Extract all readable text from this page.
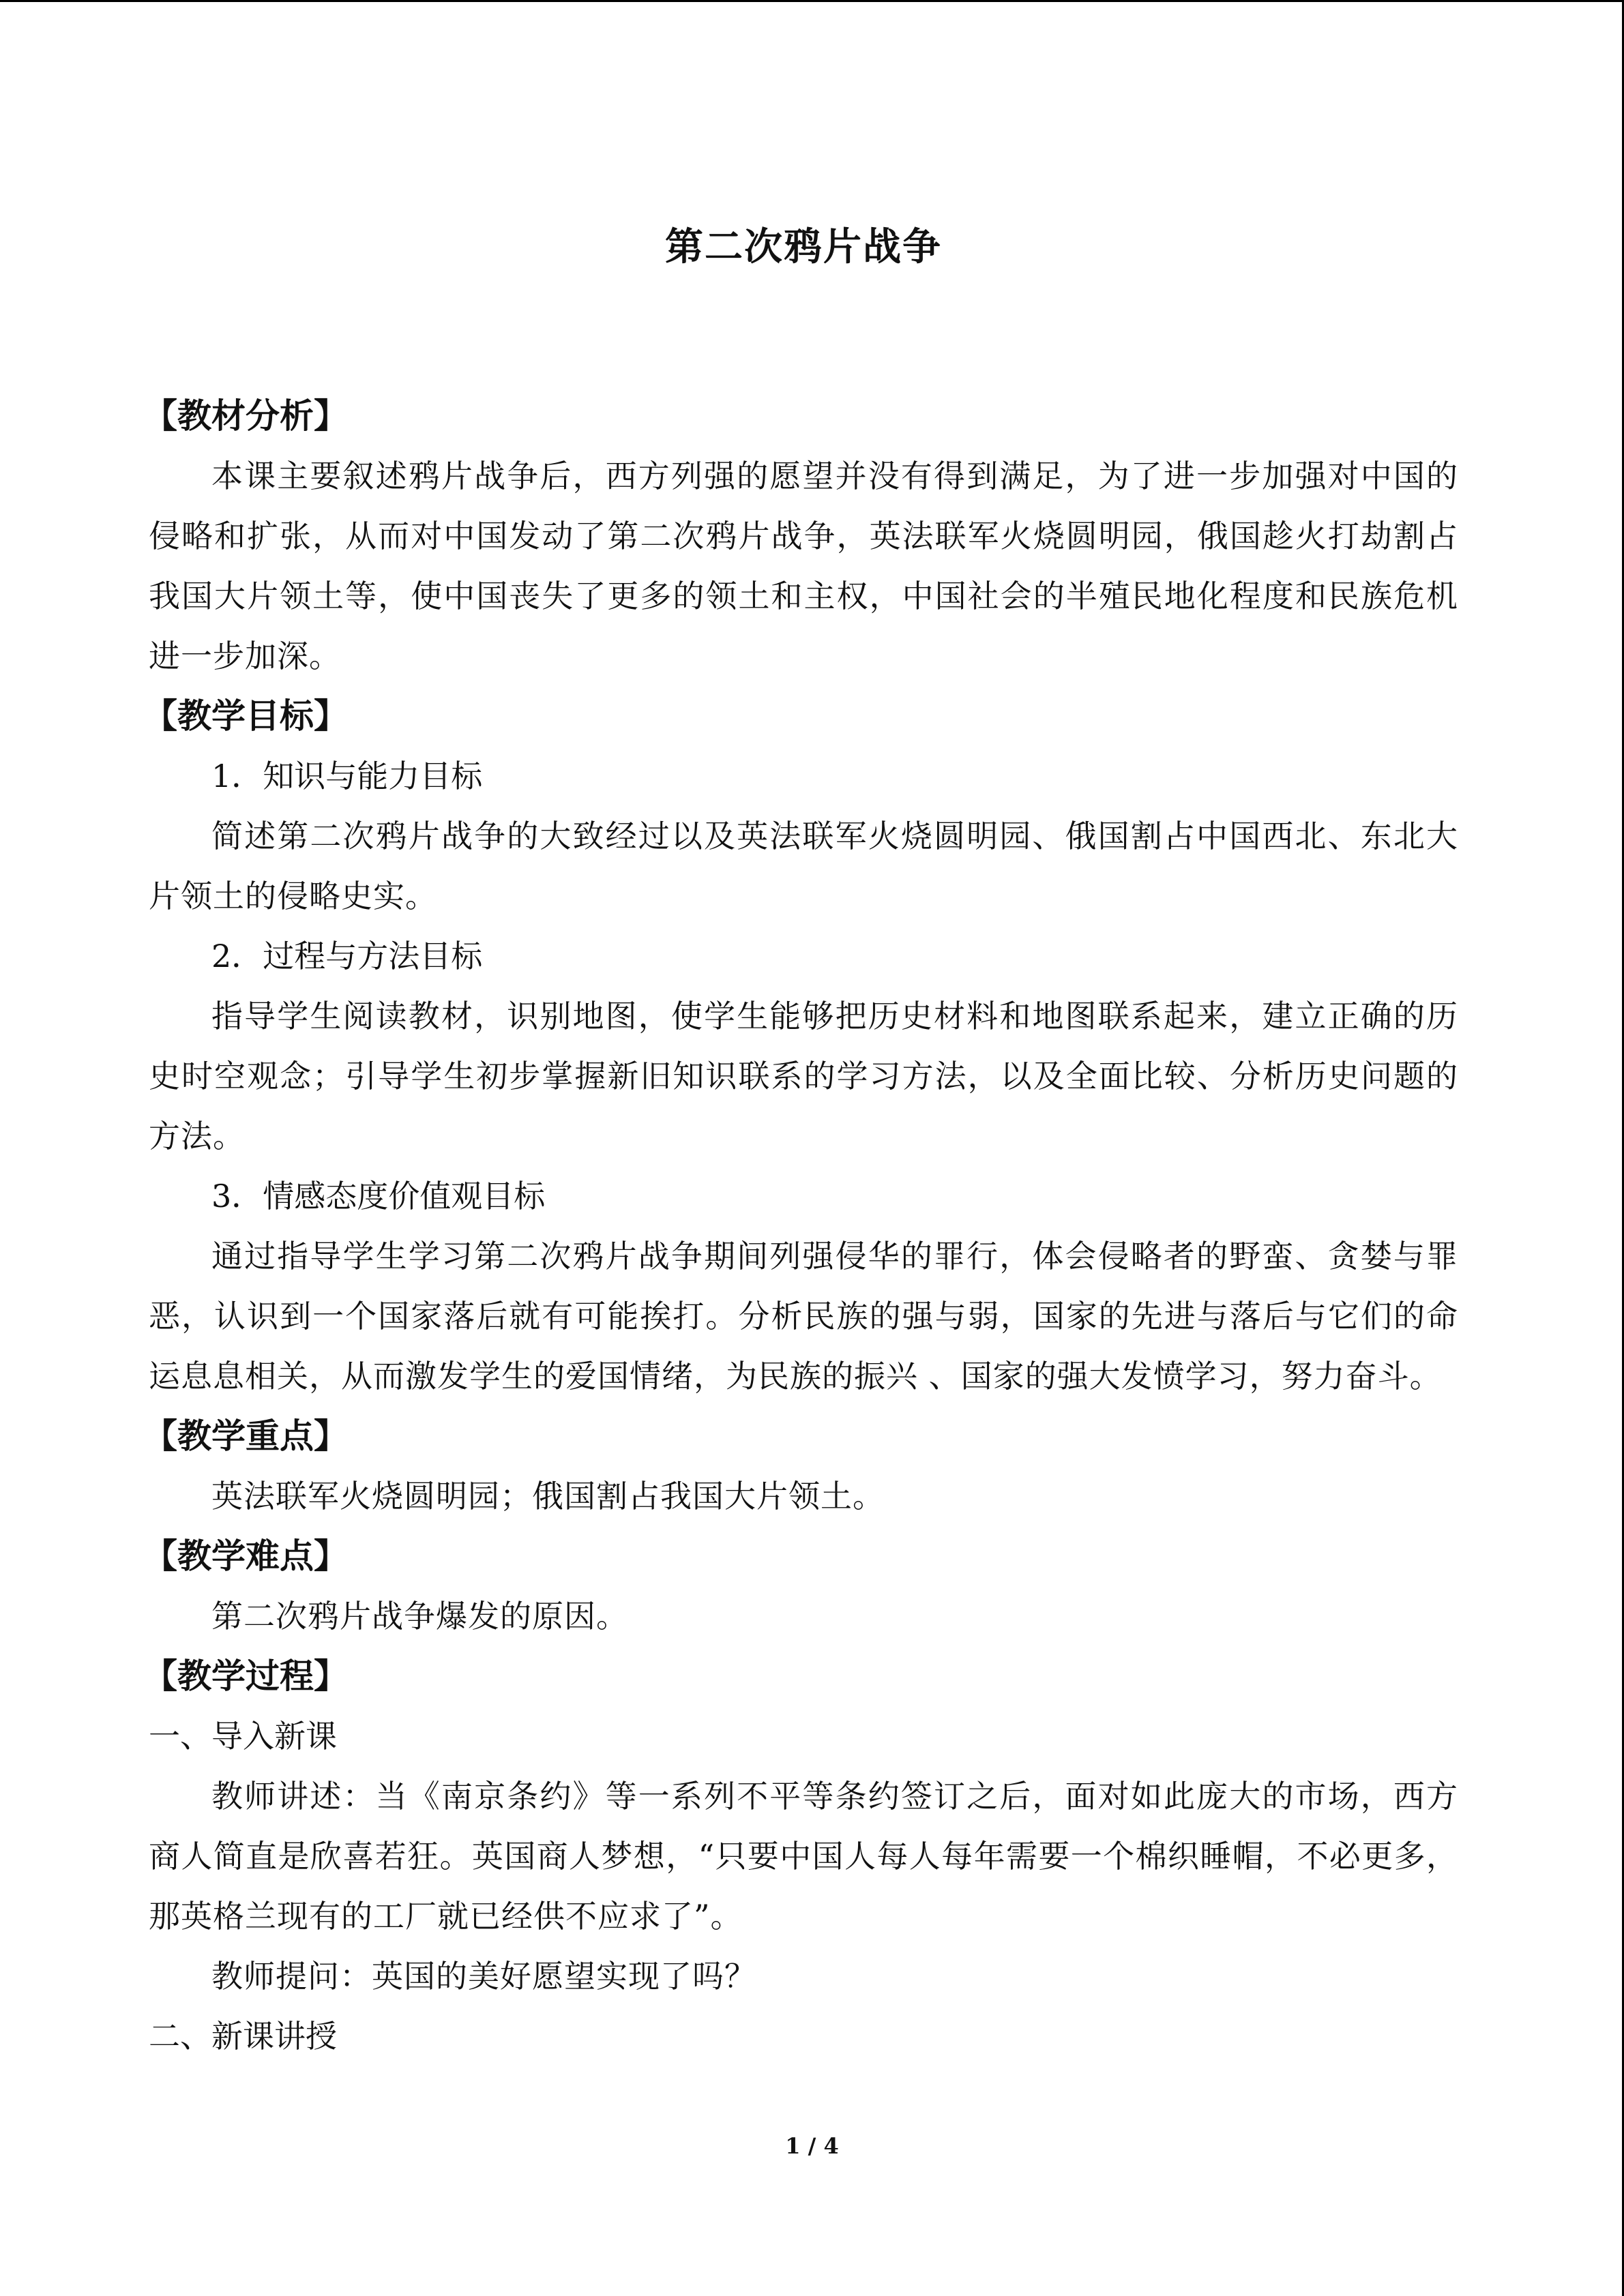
第二次鸦片战争
【教材分析】

本课主要叙述鸦片战争后，西方列强的愿望并没有得到满足，为了进一步加强对中国的侵略和扩张，从而对中国发动了第二次鸦片战争，英法联军火烧圆明园，俄国趁火打劫割占我国大片领土等，使中国丧失了更多的领土和主权，中国社会的半殖民地化程度和民族危机进一步加深。

【教学目标】

1．知识与能力目标

简述第二次鸦片战争的大致经过以及英法联军火烧圆明园、俄国割占中国西北、东北大片领土的侵略史实。

2．过程与方法目标

指导学生阅读教材，识别地图，使学生能够把历史材料和地图联系起来，建立正确的历史时空观念；引导学生初步掌握新旧知识联系的学习方法，以及全面比较、分析历史问题的方法。

3．情感态度价值观目标

通过指导学生学习第二次鸦片战争期间列强侵华的罪行，体会侵略者的野蛮、贪婪与罪恶，认识到一个国家落后就有可能挨打。分析民族的强与弱，国家的先进与落后与它们的命运息息相关，从而激发学生的爱国情绪，为民族的振兴 、国家的强大发愤学习，努力奋斗。

【教学重点】

英法联军火烧圆明园；俄国割占我国大片领土。

【教学难点】

第二次鸦片战争爆发的原因。

【教学过程】

一、导入新课

教师讲述：当《南京条约》等一系列不平等条约签订之后，面对如此庞大的市场，西方商人简直是欣喜若狂。英国商人梦想，“只要中国人每人每年需要一个棉织睡帽，不必更多，那英格兰现有的工厂就已经供不应求了”。

教师提问：英国的美好愿望实现了吗？

二、新课讲授

1 / 4
